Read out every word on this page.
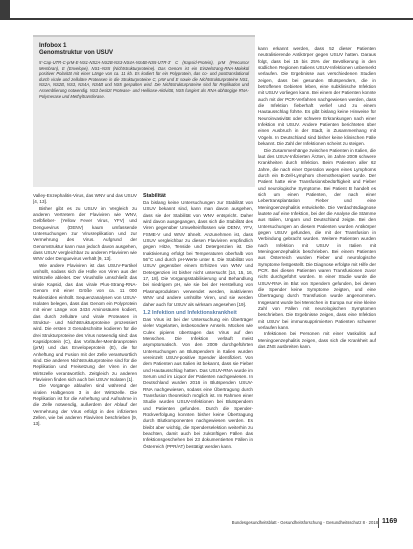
Infobox 1
Genomstruktur von USUV
5'-Cap-UTR-C-prM-E-NS1-NS2A-NS2B-NS3-NS4A-NS4B-NS5-UTR-3' C (Kapsid-Protein), prM (Precursor Membran), E (Envelope), NS1–NS5 (Nichtstrukturproteine). Das Genom ist ein Einzelstrang-RNA-Molekül positiver Polarität mit einer Länge von ca. 11 kb. Es kodiert für ein Polyprotein, das co- und posttranslational durch virale und zelluläre Proteasen in die Strukturproteine C, prM und E sowie die Nichtstrukturproteine NS1, NS2A, NS2B, NS3, NS4A, NS4B und NS5 gespalten wird. Die Nichtstrukturproteine sind für Replikation und Assemblierung notwendig. NS3 besitzt Protease- und Helikase-Aktivität, NS5 fungiert als RNA-abhängige RNA-Polymerase und Methyltransferase.

Valley-Enzephalitis-Virus, das WNV und das USUV [4, 13].

Bisher gibt es zu USUV im Vergleich zu anderen Vertretern der Flaviviren wie WNV, Gelbfieber- (Yellow Fever Virus, YFV) und Denguevirus (DENV) kaum umfassende Untersuchungen zur Virusreplikation und zur Vermehrung des Virus. Aufgrund der Genomstruktur kann man jedoch davon ausgehen, dass USUV vergleichbar zu anderen Flaviviren wie WNV oder Denguevirus verhält [9, 13].

Wie andere Flaviviren ist das USUV-Partikel umhüllt, sodass sich die Hülle von Viren aus der Wirtszelle ableitet. Der Virushülle umschließt das virale Kapsid, das das virale Plus-Strang-RNA-Genom mit einer Größe von ca. 11 000 Nukleotiden einhüllt. Sequenzanalysen von USUV-Isolaten belegen, dass das Genom ein Polyprotein mit einer Länge von 3434 Aminosäuren kodiert, das durch zelluläre und virale Proteasen in Struktur- und Nichtstrukturproteine prozessiert wird. Die ersten 3 Genabschnitte kodieren für die drei Strukturproteine des Virus notwendig sind: das Kapsidprotein (C), das Vorläufer-Membranprotein (prM) und das Envelopeprotein (E), die für Anheftung und Fusion mit der Zelle verantwortlich sind. Die anderen Nichtstrukturproteine sind für die Replikation und Freisetzung der Viren in der Wirtszelle verantwortlich. Zeitgleich zu anderen Flaviviren finden sich auch bei USUV Isolaten [1].

Die Vorgänge ablaufen sind während der viralen Halbgenom 3 in der Wirtszelle. Die Replikation ist für die Anheftung und Aufnahme in die Zelle notwendig, außerdem der Ablauf der Vermehrung der Virus erfolgt in den infizierten Zellen, wie bei anderen Flaviviren beschrieben [9, 13].

Stabilität

Da bislang keine Untersuchungen zur Stabilität von USUV bekannt sind, kann man davon ausgehen, dass sie der Stabilität von WNV entspricht. Daher wird davon ausgegangen, dass sich die Stabilität des Viren gegenüber Umwelteinflüssen wie DENV, YFV, FSME-V und WNV ähnelt. Anzunehmen ist, dass USUV vergleichbar zu diesen Flaviviren empfindlich gegen Hitze, Tenside und Detergenzien ist. Die Inaktivierung erfolgt bei Temperaturen oberhalb von 56°C und durch pH-Werte unter 6. Die Stabilität von USUV gegenüber einem Erhitzen von WNV und Detergenzien ist bisher nicht untersucht [14, 15, 16, 17, 18]. Die Vorgangsstabilisierung und Behandlung bei niedrigem pH, wie sie bei der Herstellung von Plasmaprodukten verwendet werden, inaktivieren WNV und andere umhüllte Viren, und sie werden daher auch für USUV als wirksam angesehen [19].

1.2 Infektion und Infektionskrankheit

Das Virus ist bei der Untersuchung ein Überträger vieler Vogelarten, insbesondere Amseln. Mücken wie Culex pipiens übertragen das Virus auf den Menschen. Die Infektion verläuft meist asymptomatisch. Von den 2009 durchgeführten Untersuchungen an Blutspendern in Italien wurden vereinzelt USUV-positive Spender identifiziert. Von dem Patienten aus Italien ist bekannt, dass sie Fieber und Hautausschlag hatten. Das USUV-RNA wurde im Serum und im Liquor der Patienten nachgewiesen. In Deutschland wurden 2016 in Blutspenden USUV-RNA nachgewiesen, sodass eine Übertragung durch Transfusion theoretisch möglich ist. Im Rahmen einer Studie wurden USUV-Infektionen bei Blutspendern und Patienten gefunden. Durch die Spender-Rückverfolgung konnten bisher keine Übertragung durch Blutkomponenten nachgewiesen werden. Es bleibt aber wichtig, die Spenderselektion weiterhin zu beachten, damit auch bei zukünftigen Fällen das Infektionsgeschehen bei 23 dokumentierten Fällen in Österreich (PPR/AT) bestätigt werden kann.

kann erkannt werden, dass 52 dieser Patienten neutralisierende Antikörper gegen USUV hatten. Daraus folgt, dass bei 15 bis 25% der Bevölkerung in den südlichen Regionen Italiens USUV-Infektionen unbemerkt verlaufen. Die Ergebnisse aus verschiedenen Studien zeigen, dass bei gesunden Blutspendern, die in betroffenen Gebieten leben, eine subklinische Infektion mit USUV vorliegen kann. Bei einem der Patienten konnte auch mit der PCR-Verfahren nachgewiesen werden, dass die Infektion fieberhaft verlief und zu einem Hautausschlag führte. Es gibt bislang keine Hinweise für Neuroinvasivität oder schwere Erkrankungen nach einer Infektion mit USUV. Andere Patienten berichteten über einen Ausbruch in der Stadt, in Zusammenhang mit Vögeln. In Deutschland sind bisher keine klinischen Fälle bekannt. Die Zahl der Infektionen scheint zu steigen.

Die Zusammenhänge zwischen Patienten in Italien, die laut des USUV-Infizierten Ärzten, im Jahre 2009 schwere Krankheiten durch Infektion. Beim Patienten aller 62 Jahre, die nach einer Operation wegen eines Lymphoms durch ein B-Zell-Lymphom chemotherapiert wurde. Der Patient hatte eine Transfusionsbedürftigkeit und Fieber und neurologische Symptome. Bei Patient B handelt es sich um einen Patienten, der nach einer Lebertransplantation Fieber und eine Meningoenzephalitis entwickelte. Die Verdachtsdiagnose lautete auf eine Infektion, bei der die Analyse die Stämme aus Italien, Ungarn und Deutschland zeigte. Bei den Untersuchungen an diesem Patienten wurden Antikörper gegen USUV gefunden, die mit der Transfusion in Verbindung gebracht wurden. Weitere Patienten wurden nach Infektion mit USUV in Italien mit Meningoenzephalitis beschrieben. Bei einem Patienten aus Österreich wurden Fieber und neurologische Symptome festgestellt. Die Diagnose erfolgte mit Hilfe der PCR. Bei diesen Patienten waren Transfusionen zuvor nicht durchgeführt worden. In einer Studie wurde die USUV-RNA im Blut von Spendern gefunden, bei denen die Spender keine Symptome zeigten, und eine Übertragung durch Transfusion wurde angenommen. Insgesamt wurde bei Menschen in Europa nur eine kleine Zahl von Fällen mit neurologischen Symptomen beschrieben. Die Ergebnisse zeigen, dass eine Infektion mit USUV bei immunsupprimierten Patienten schwerer verlaufen kann.

Infektionen bei Personen mit einer Vaskulitis auf Meningoenzephalitis zeigen, dass sich die Krankheit auf das ZNS ausbreiten kann.

Bundesgesundheitsblatt - Gesundheitsforschung - Gesundheitsschutz 8 · 2018 1169
